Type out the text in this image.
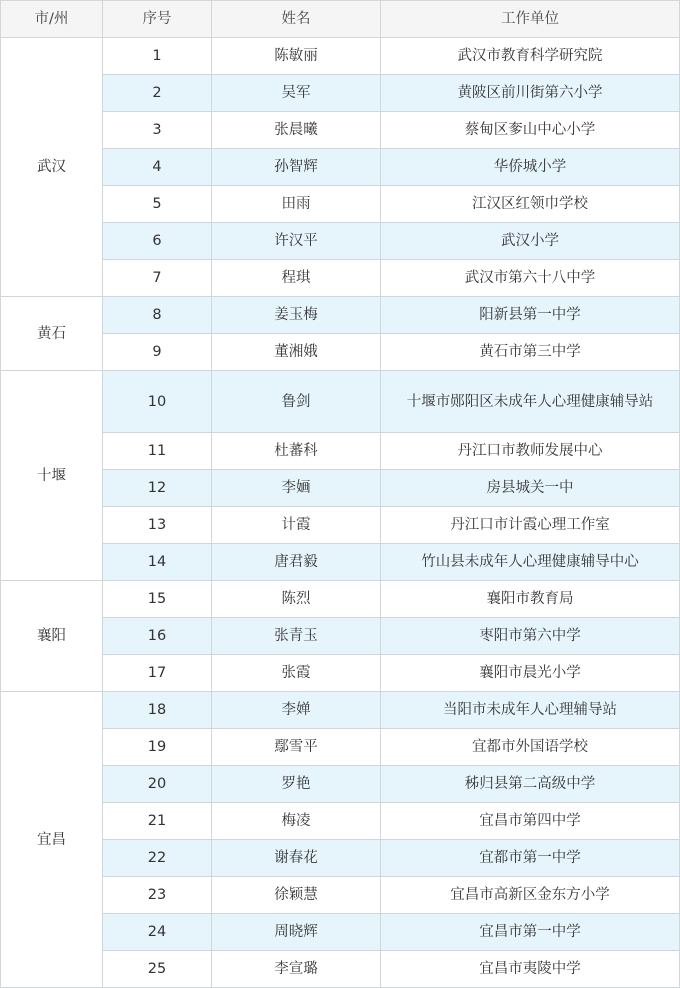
市/州	序号	姓名	工作单位
武汉	1	陈敏丽	武汉市教育科学研究院
	2	吴军	黄陂区前川街第六小学
	3	张晨曦	蔡甸区奓山中心小学
	4	孙智辉	华侨城小学
	5	田雨	江汉区红领巾学校
	6	许汉平	武汉小学
	7	程琪	武汉市第六十八中学
黄石	8	姜玉梅	阳新县第一中学
	9	董湘娥	黄石市第三中学
十堰	10	鲁剑	十堰市郧阳区未成年人心理健康辅导站
	11	杜蕃科	丹江口市教师发展中心
	12	李婳	房县城关一中
	13	计霞	丹江口市计霞心理工作室
	14	唐君毅	竹山县未成年人心理健康辅导中心
襄阳	15	陈烈	襄阳市教育局
	16	张青玉	枣阳市第六中学
	17	张霞	襄阳市晨光小学
宜昌	18	李婵	当阳市未成年人心理辅导站
	19	鄢雪平	宜都市外国语学校
	20	罗艳	秭归县第二高级中学
	21	梅凌	宜昌市第四中学
	22	谢春花	宜都市第一中学
	23	徐颖慧	宜昌市高新区金东方小学
	24	周晓辉	宜昌市第一中学
	25	李宣璐	宜昌市夷陵中学
